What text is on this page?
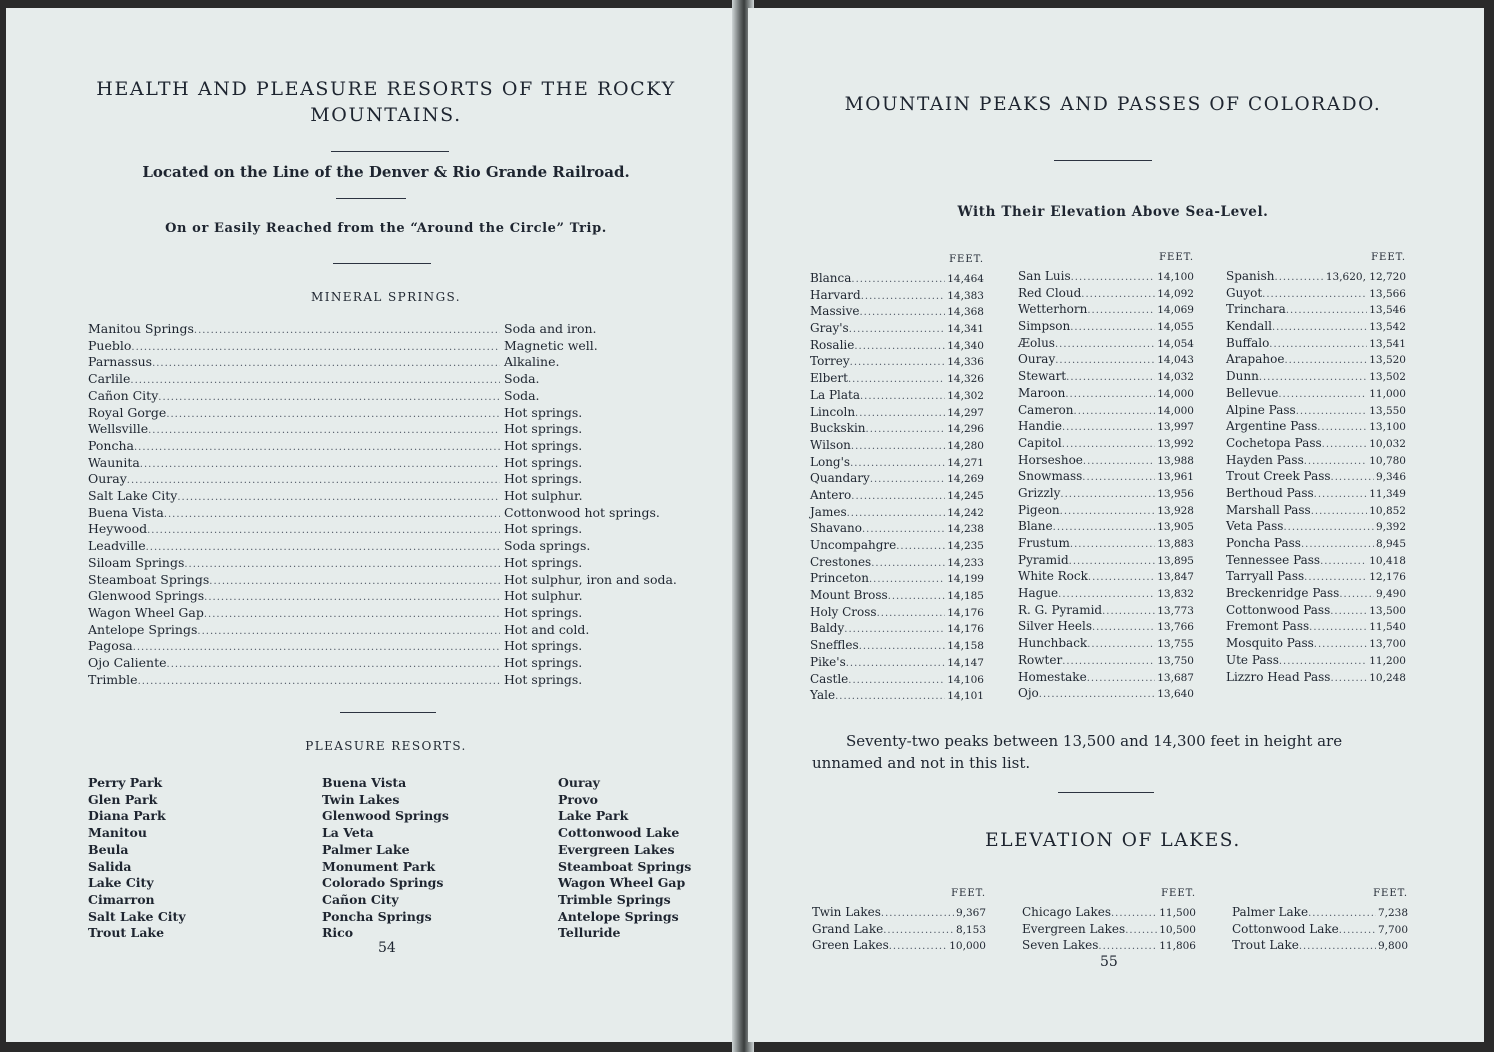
HEALTH AND PLEASURE RESORTS OF THE ROCKY
MOUNTAINS.
Located on the Line of the Denver & Rio Grande Railroad.
On or Easily Reached from the “Around the Circle” Trip.
MINERAL SPRINGS.
Manitou Springs .....	Soda and iron.
Pueblo .....	Magnetic well.
Parnassus .....	Alkaline.
Carlile .....	Soda.
Cañon City .....	Soda.
Royal Gorge .....	Hot springs.
Wellsville .....	Hot springs.
Poncha .....	Hot springs.
Waunita .....	Hot springs.
Ouray .....	Hot springs.
Salt Lake City .....	Hot sulphur.
Buena Vista .....	Cottonwood hot springs.
Heywood .....	Hot springs.
Leadville .....	Soda springs.
Siloam Springs .....	Hot springs.
Steamboat Springs .....	Hot sulphur, iron and soda.
Glenwood Springs .....	Hot sulphur.
Wagon Wheel Gap .....	Hot springs.
Antelope Springs .....	Hot and cold.
Pagosa .....	Hot springs.
Ojo Caliente .....	Hot springs.
Trimble .....	Hot springs.
PLEASURE RESORTS.
Perry Park
Glen Park
Diana Park
Manitou
Beula
Salida
Lake City
Cimarron
Salt Lake City
Trout Lake
Buena Vista
Twin Lakes
Glenwood Springs
La Veta
Palmer Lake
Monument Park
Colorado Springs
Cañon City
Poncha Springs
Rico
Ouray
Provo
Lake Park
Cottonwood Lake
Evergreen Lakes
Steamboat Springs
Wagon Wheel Gap
Trimble Springs
Antelope Springs
Telluride
54
MOUNTAIN PEAKS AND PASSES OF COLORADO.
With Their Elevation Above Sea-Level.
FEET.
Blanca .....	14,464
Harvard .....	14,383
Massive .....	14,368
Gray's .....	14,341
Rosalie .....	14,340
Torrey .....	14,336
Elbert .....	14,326
La Plata .....	14,302
Lincoln .....	14,297
Buckskin .....	14,296
Wilson .....	14,280
Long's .....	14,271
Quandary .....	14,269
Antero .....	14,245
James .....	14,242
Shavano .....	14,238
Uncompahgre .....	14,235
Crestones .....	14,233
Princeton .....	14,199
Mount Bross .....	14,185
Holy Cross .....	14,176
Baldy .....	14,176
Sneffles .....	14,158
Pike's .....	14,147
Castle .....	14,106
Yale .....	14,101
FEET.
San Luis .....	14,100
Red Cloud .....	14,092
Wetterhorn .....	14,069
Simpson .....	14,055
Æolus .....	14,054
Ouray .....	14,043
Stewart .....	14,032
Maroon .....	14,000
Cameron .....	14,000
Handie .....	13,997
Capitol .....	13,992
Horseshoe .....	13,988
Snowmass .....	13,961
Grizzly .....	13,956
Pigeon .....	13,928
Blane .....	13,905
Frustum .....	13,883
Pyramid .....	13,895
White Rock .....	13,847
Hague .....	13,832
R. G. Pyramid .....	13,773
Silver Heels .....	13,766
Hunchback .....	13,755
Rowter .....	13,750
Homestake .....	13,687
Ojo .....	13,640
FEET.
Spanish .....	13,620, 12,720
Guyot .....	13,566
Trinchara .....	13,546
Kendall .....	13,542
Buffalo .....	13,541
Arapahoe .....	13,520
Dunn .....	13,502
Bellevue .....	11,000
Alpine Pass .....	13,550
Argentine Pass .....	13,100
Cochetopa Pass .....	10,032
Hayden Pass .....	10,780
Trout Creek Pass .....	9,346
Berthoud Pass .....	11,349
Marshall Pass .....	10,852
Veta Pass .....	9,392
Poncha Pass .....	8,945
Tennessee Pass .....	10,418
Tarryall Pass .....	12,176
Breckenridge Pass .....	9,490
Cottonwood Pass .....	13,500
Fremont Pass .....	11,540
Mosquito Pass .....	13,700
Ute Pass .....	11,200
Lizzro Head Pass .....	10,248
Seventy-two peaks between 13,500 and 14,300 feet in height are unnamed and not in this list.
ELEVATION OF LAKES.
FEET.
Twin Lakes .....	9,367
Grand Lake .....	8,153
Green Lakes .....	10,000
FEET.
Chicago Lakes .....	11,500
Evergreen Lakes .....	10,500
Seven Lakes .....	11,806
FEET.
Palmer Lake .....	7,238
Cottonwood Lake .....	7,700
Trout Lake .....	9,800
55
